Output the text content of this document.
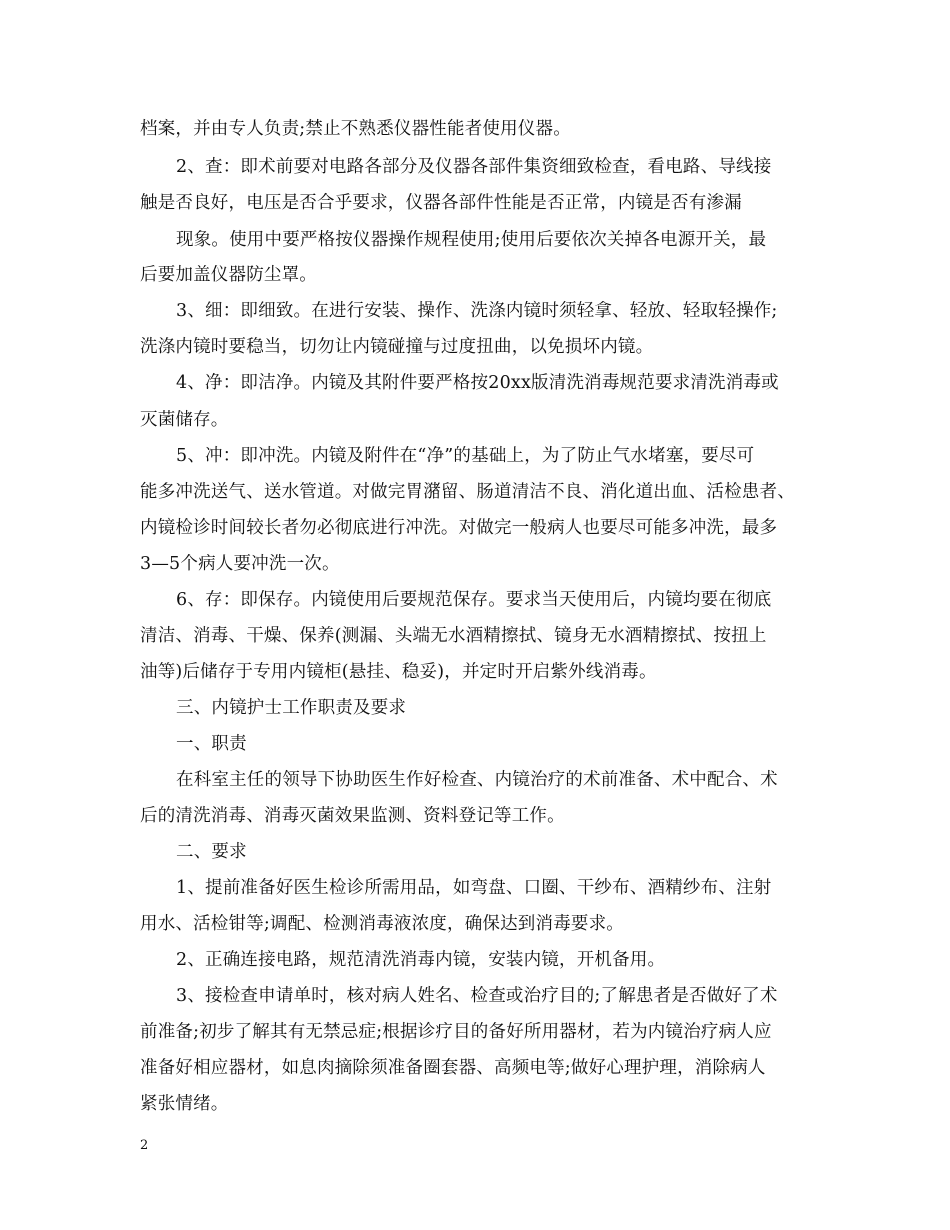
档案，并由专人负责;禁止不熟悉仪器性能者使用仪器。
2、查：即术前要对电路各部分及仪器各部件集资细致检查，看电路、导线接
触是否良好，电压是否合乎要求，仪器各部件性能是否正常，内镜是否有渗漏
现象。使用中要严格按仪器操作规程使用;使用后要依次关掉各电源开关，最
后要加盖仪器防尘罩。
3、细：即细致。在进行安装、操作、洗涤内镜时须轻拿、轻放、轻取轻操作;
洗涤内镜时要稳当，切勿让内镜碰撞与过度扭曲，以免损坏内镜。
4、净：即洁净。内镜及其附件要严格按20xx版清洗消毒规范要求清洗消毒或
灭菌储存。
5、冲：即冲洗。内镜及附件在“净”的基础上，为了防止气水堵塞，要尽可
能多冲洗送气、送水管道。对做完胃潴留、肠道清洁不良、消化道出血、活检患者、
内镜检诊时间较长者勿必彻底进行冲洗。对做完一般病人也要尽可能多冲洗，最多
3—5个病人要冲洗一次。
6、存：即保存。内镜使用后要规范保存。要求当天使用后，内镜均要在彻底
清洁、消毒、干燥、保养(测漏、头端无水酒精擦拭、镜身无水酒精擦拭、按扭上
油等)后储存于专用内镜柜(悬挂、稳妥)，并定时开启紫外线消毒。
三、内镜护士工作职责及要求
一、职责
在科室主任的领导下协助医生作好检查、内镜治疗的术前准备、术中配合、术
后的清洗消毒、消毒灭菌效果监测、资料登记等工作。
二、要求
1、提前准备好医生检诊所需用品，如弯盘、口圈、干纱布、酒精纱布、注射
用水、活检钳等;调配、检测消毒液浓度，确保达到消毒要求。
2、正确连接电路，规范清洗消毒内镜，安装内镜，开机备用。
3、接检查申请单时，核对病人姓名、检查或治疗目的;了解患者是否做好了术
前准备;初步了解其有无禁忌症;根据诊疗目的备好所用器材，若为内镜治疗病人应
准备好相应器材，如息肉摘除须准备圈套器、高频电等;做好心理护理，消除病人
紧张情绪。
2
